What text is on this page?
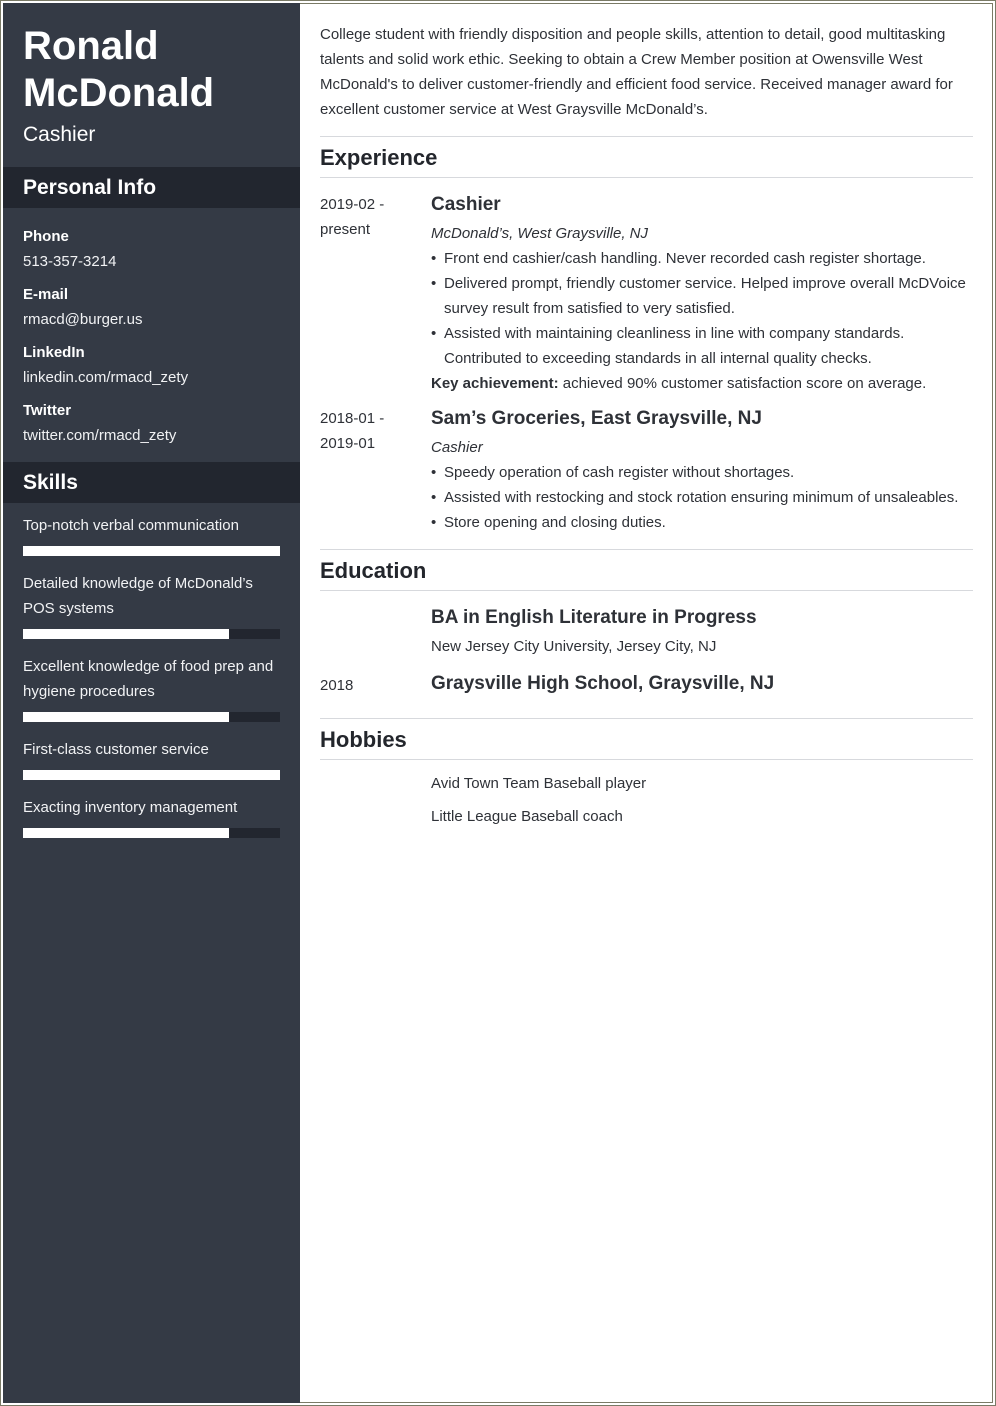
Ronald
McDonald
Cashier
Personal Info
Phone
513-357-3214
E-mail
rmacd@burger.us
LinkedIn
linkedin.com/rmacd_zety
Twitter
twitter.com/rmacd_zety
Skills
Top-notch verbal communication
Detailed knowledge of McDonald’s POS systems
Excellent knowledge of food prep and hygiene procedures
First-class customer service
Exacting inventory management

College student with friendly disposition and people skills, attention to detail, good multitasking talents and solid work ethic. Seeking to obtain a Crew Member position at Owensville West McDonald's to deliver customer-friendly and efficient food service. Received manager award for excellent customer service at West Graysville McDonald’s.

Experience
2019-02 -
present
Cashier
McDonald’s, West Graysville, NJ
• Front end cashier/cash handling. Never recorded cash register shortage.
• Delivered prompt, friendly customer service. Helped improve overall McDVoice survey result from satisfied to very satisfied.
• Assisted with maintaining cleanliness in line with company standards. Contributed to exceeding standards in all internal quality checks.
Key achievement: achieved 90% customer satisfaction score on average.
2018-01 -
2019-01
Sam’s Groceries, East Graysville, NJ
Cashier
• Speedy operation of cash register without shortages.
• Assisted with restocking and stock rotation ensuring minimum of unsaleables.
• Store opening and closing duties.
Education
BA in English Literature in Progress
New Jersey City University, Jersey City, NJ
2018	Graysville High School, Graysville, NJ
Hobbies
Avid Town Team Baseball player
Little League Baseball coach
